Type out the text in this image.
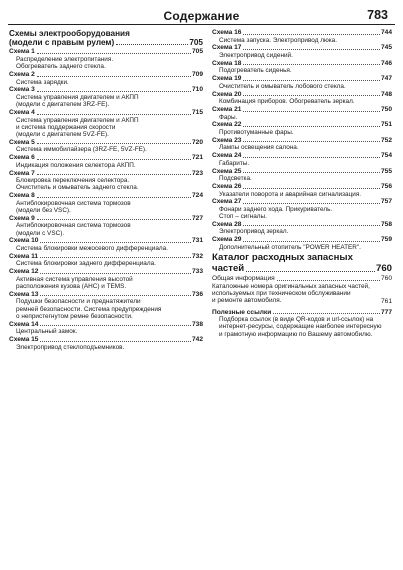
Содержание	783
Схемы электрооборудования
(модели с правым рулем)	705
Схема 1	705
Распределение электропитания.
Обогреватель заднего стекла.
Схема 2	709
Система зарядки.
Схема 3	710
Система управления двигателем и АКПП
(модели с двигателем 3RZ-FE).
Схема 4	715
Система управления двигателем и АКПП
и система поддержания скорости
(модели с двигателем 5VZ-FE).
Схема 5	720
Система иммобилайзера (3RZ-FE, 5VZ-FE).
Схема 6	721
Индикация положения селектора АКПП.
Схема 7	723
Блокировка переключения селектора.
Очиститель и омыватель заднего стекла.
Схема 8	724
Антиблокировочная система тормозов
(модели без VSC).
Схема 9	727
Антиблокировочная система тормозов
(модели с VSC).
Схема 10	731
Система блокировки межосевого дифференциала.
Схема 11	732
Система блокировки заднего дифференциала.
Схема 12	733
Активная система управления высотой
расположения кузова (AHC) и TEMS.
Схема 13	736
Подушки безопасности и преднатяжители
ремней безопасности. Система предупреждения
о непристегнутом ремне безопасности.
Схема 14	738
Центральный замок.
Схема 15	742
Электропривод стеклоподъемников.
Схема 16	744
Система запуска. Электропривод люка.
Схема 17	745
Электропривод сидений.
Схема 18	746
Подогреватель сиденья.
Схема 19	747
Очиститель и омыватель лобового стекла.
Схема 20	748
Комбинация приборов. Обогреватель зеркал.
Схема 21	750
Фары.
Схема 22	751
Противотуманные фары.
Схема 23	752
Лампы освещения салона.
Схема 24	754
Габариты.
Схема 25	755
Подсветка.
Схема 26	756
Указатели поворота и аварийная сигнализация.
Схема 27	757
Фонари заднего хода. Прикуриватель.
Стоп – сигналы.
Схема 28	758
Электропривод зеркал.
Схема 29	759
Дополнительный отопитель "POWER HEATER".
Каталог расходных запасных
частей	760
Общая информация	760
Каталожные номера оригинальных запасных частей,
используемых при техническом обслуживании
и ремонте автомобиля.	761
Полезные ссылки	777
Подборка ссылок (в виде QR-кодов и url-ссылок) на
интернет-ресурсы, содержащие наиболее интересную
и грамотную информацию по Вашему автомобилю.
